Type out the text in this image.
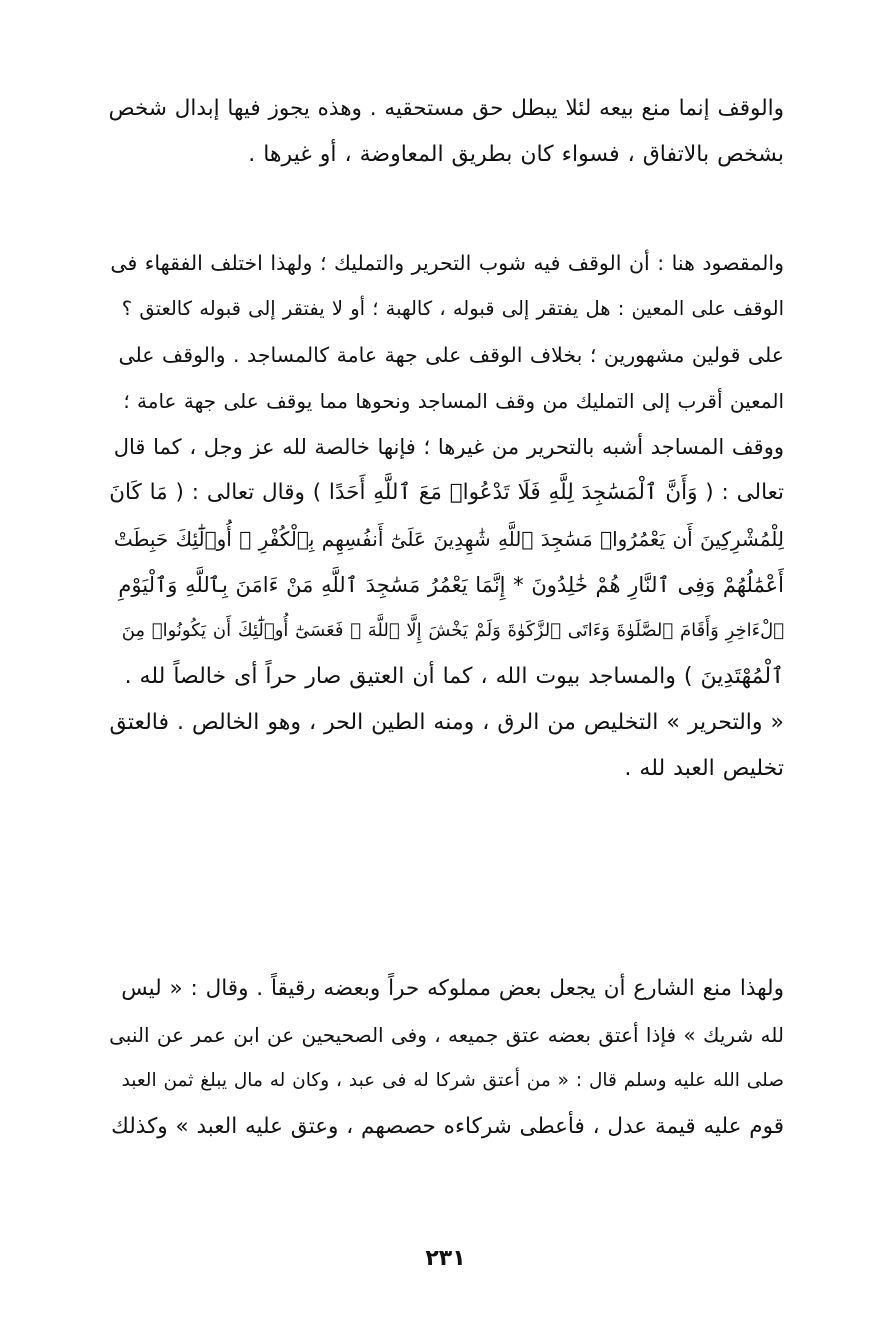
والوقف إنما منع بيعه لئلا يبطل حق مستحقيه . وهذه يجوز فيها إبدال شخص
بشخص بالاتفاق ، فسواء كان بطريق المعاوضة ، أو غيرها .
والمقصود هنا : أن الوقف فيه شوب التحرير والتمليك ؛ ولهذا اختلف الفقهاء فى
الوقف على المعين : هل يفتقر إلى قبوله ، كالهبة ؛ أو لا يفتقر إلى قبوله كالعتق ؟
على قولين مشهورين ؛ بخلاف الوقف على جهة عامة كالمساجد . والوقف على
المعين أقرب إلى التمليك من وقف المساجد ونحوها مما يوقف على جهة عامة ؛
ووقف المساجد أشبه بالتحرير من غيرها ؛ فإنها خالصة لله عز وجل ، كما قال
تعالى : ( وَأَنَّ ٱلْمَسَٰجِدَ لِلَّهِ فَلَا تَدْعُوا۟ مَعَ ٱللَّهِ أَحَدًا ) وقال تعالى : ( مَا كَانَ
لِلْمُشْرِكِينَ أَن يَعْمُرُوا۟ مَسَٰجِدَ ٱللَّهِ شَٰهِدِينَ عَلَىٰٓ أَنفُسِهِم بِٱلْكُفْرِ ۚ أُو۟لَٰٓئِكَ حَبِطَتْ
أَعْمَٰلُهُمْ وَفِى ٱلنَّارِ هُمْ خَٰلِدُونَ * إِنَّمَا يَعْمُرُ مَسَٰجِدَ ٱللَّهِ مَنْ ءَامَنَ بِٱللَّهِ وَٱلْيَوْمِ
ٱلْءَاخِرِ وَأَقَامَ ٱلصَّلَوٰةَ وَءَاتَى ٱلزَّكَوٰةَ وَلَمْ يَخْشَ إِلَّا ٱللَّهَ ۖ فَعَسَىٰٓ أُو۟لَٰٓئِكَ أَن يَكُونُوا۟ مِنَ
ٱلْمُهْتَدِينَ ) والمساجد بيوت الله ، كما أن العتيق صار حراً أى خالصاً لله .
« والتحرير » التخليص من الرق ، ومنه الطين الحر ، وهو الخالص . فالعتق
تخليص العبد لله .
ولهذا منع الشارع أن يجعل بعض مملوكه حراً وبعضه رقيقاً . وقال : « ليس
لله شريك » فإذا أعتق بعضه عتق جميعه ، وفى الصحيحين عن ابن عمر عن النبى
صلى الله عليه وسلم قال : « من أعتق شركا له فى عبد ، وكان له مال يبلغ ثمن العبد
قوم عليه قيمة عدل ، فأعطى شركاءه حصصهم ، وعتق عليه العبد » وكذلك
٢٣١
